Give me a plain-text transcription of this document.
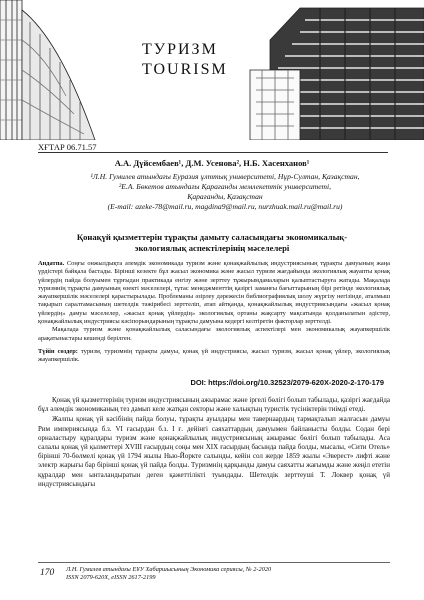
ТУРИЗМ
TOURISM
ХҒТАР 06.71.57
А.А. Дүйсембаев¹, Д.М. Усенова², Н.Б. Хасенханов¹
¹Л.Н. Гумилев атындағы Еуразия ұлттық университеті, Нұр-Султан, Қазақстан,
²Е.А. Бөкетов атындағы Қарағанды мемлекеттік университеті,
Қарағанды, Қазақстан
(E-mail: azeke-78@mail.ru, magdina9@mail.ru, nurzhuak.mail.ru@mail.ru)
Қонақүй қызметтерін тұрақты дамыту саласындағы экономикалық-экологиялық аспектілерінің мәселелері
Андатпа. Соңғы онжылдықта әлемдік экономикада туризм және қонақжайлылық индустриясының тұрақты дамуының жаңа үрдістері байқала бастады. Бірінші кезекте бұл жасыл экономика және жасыл туризм жағдайында экологиялық жауапты қонақ үйлердің пайда болуымен тұрғыдан практикада енгізу және зерттеу тұжырымдамаларын қалыптастыруға жатады. Мақалада туризмнің тұрақты дамуының өзекті мәселелері, тұтас менеджменттің қазіргі заманғы бағыттарының бірі ретінде экологиялық жауапкершілік мәселелері қарастырылады. Проблеманы әзірлеу дәрежесін библиографиялық шолу жүргізу негізінде, аталмыш тақырып саралтамасының шетелдік тәжірибесі зерттеліп, атап айтқанда, қонақжайлылық индустриясындағы «жасыл қонақ үйлердің» дамуы мәселелер, «жасыл қонақ үйлердің» экологиялық ортаны жақсарту мақсатында қолданылатын әдістер, қонақжайлылық индустриясы кәсіпорындарының тұрақты дамуына кедергі келтіретін факторлар зерттелді.
Мақалада туризм және қонақжайлылық саласындағы экологиялық аспектілері мен экономикалық жауапкершілік арақатынастары кешенді берілген.
Түйін сөздер: туризм, туризмнің тұрақты дамуы, қонақ үй индустриясы, жасыл туризм, жасыл қонақ үйлер, экологиялық жауапкершілік.
DOI: https://doi.org/10.32523/2079-620X-2020-2-170-179

Қонақ үй қызметтерінің туризм индустриясының ажырамас және іргелі бөлігі болып табылады, қазіргі жағдайда бұл әлемдік экономиканың тез дамып келе жатқан секторы және халықтың туристік түсініктерін тиімді етеді.

Жалпы қонақ үй кәсібінің пайда болуы, тұрақты ауылдары мен тавернаардың тармақталып жалғасын дамуы Рим империясында б.з. VI ғасырдан б.з. І ғ. дейінгі саяхаттардың дамуымен байланысты болды. Содан бері орналастыру құралдары туризм және қонақжайлылық индустриясының ажырамас бөлігі болып табылады. Аса салалы қонақ үй қызметтері XVIII ғасырдың соңы мен XIX ғасырдың басында пайда болды, мысалы, «Сити Отель» бірінші 70-бөлмелі қонақ үй 1794 жылы Нью-Йоркте салынды, кейін сол жерде 1859 жылы «Эверест» лифті және электр жарығы бар бірінші қонақ үй пайда болды. Туризмнің қарқынды дамуы саяхатты жағымды және жеңіл ететін құралдар мен ынталандыратын деген қажеттілікті туындады. Шетелдік зерттеуші Т. Локвер қонақ үй индустриясындағы

170 Л.Н. Гумилев атындағы ЕҰУ Хабаршысының Экономика сериясы, № 2-2020
ISSN 2079-620X, eISSN 2617-2199
